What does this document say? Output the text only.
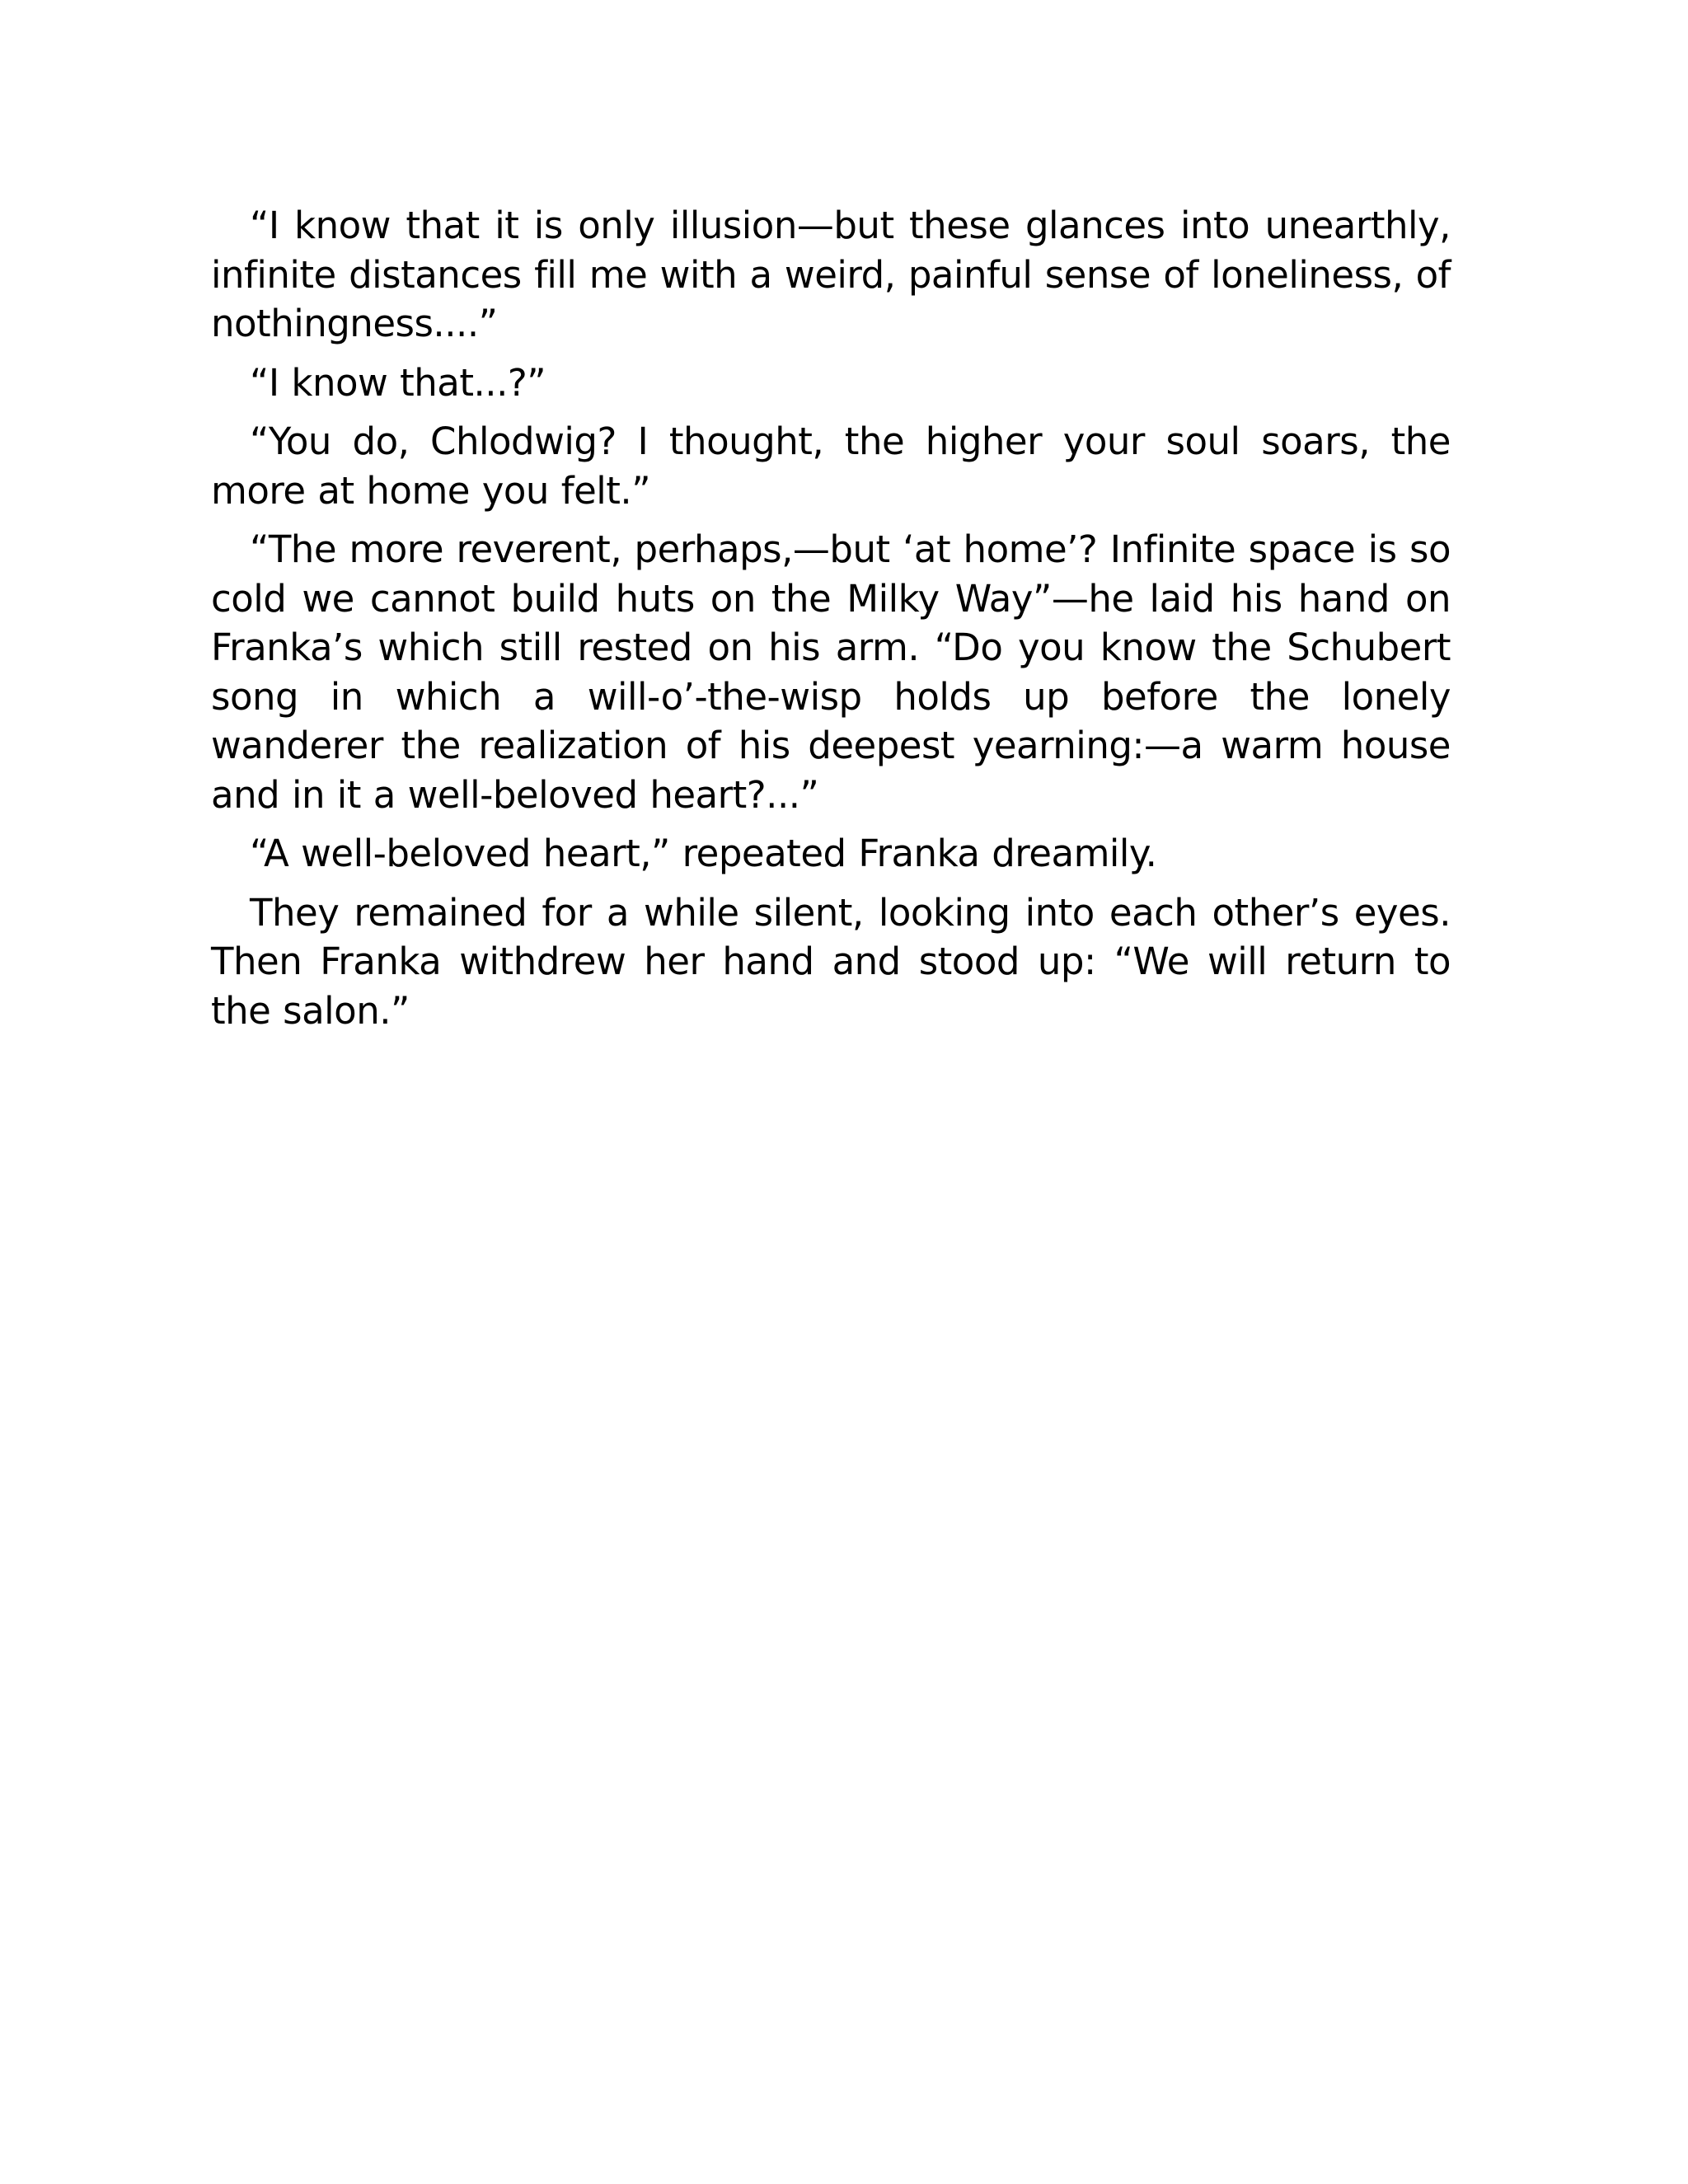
“I know that it is only illusion—but these glances into unearthly, infinite distances fill me with a weird, painful sense of loneliness, of nothingness....”

“I know that...?”

“You do, Chlodwig? I thought, the higher your soul soars, the more at home you felt.”

“The more reverent, perhaps,—but ‘at home’? Infinite space is so cold we cannot build huts on the Milky Way”—he laid his hand on Franka’s which still rested on his arm. “Do you know the Schubert song in which a will-o’-the-wisp holds up before the lonely wanderer the realization of his deepest yearning:—a warm house and in it a well-beloved heart?...”

“A well-beloved heart,” repeated Franka dreamily.

They remained for a while silent, looking into each other’s eyes. Then Franka withdrew her hand and stood up: “We will return to the salon.”
